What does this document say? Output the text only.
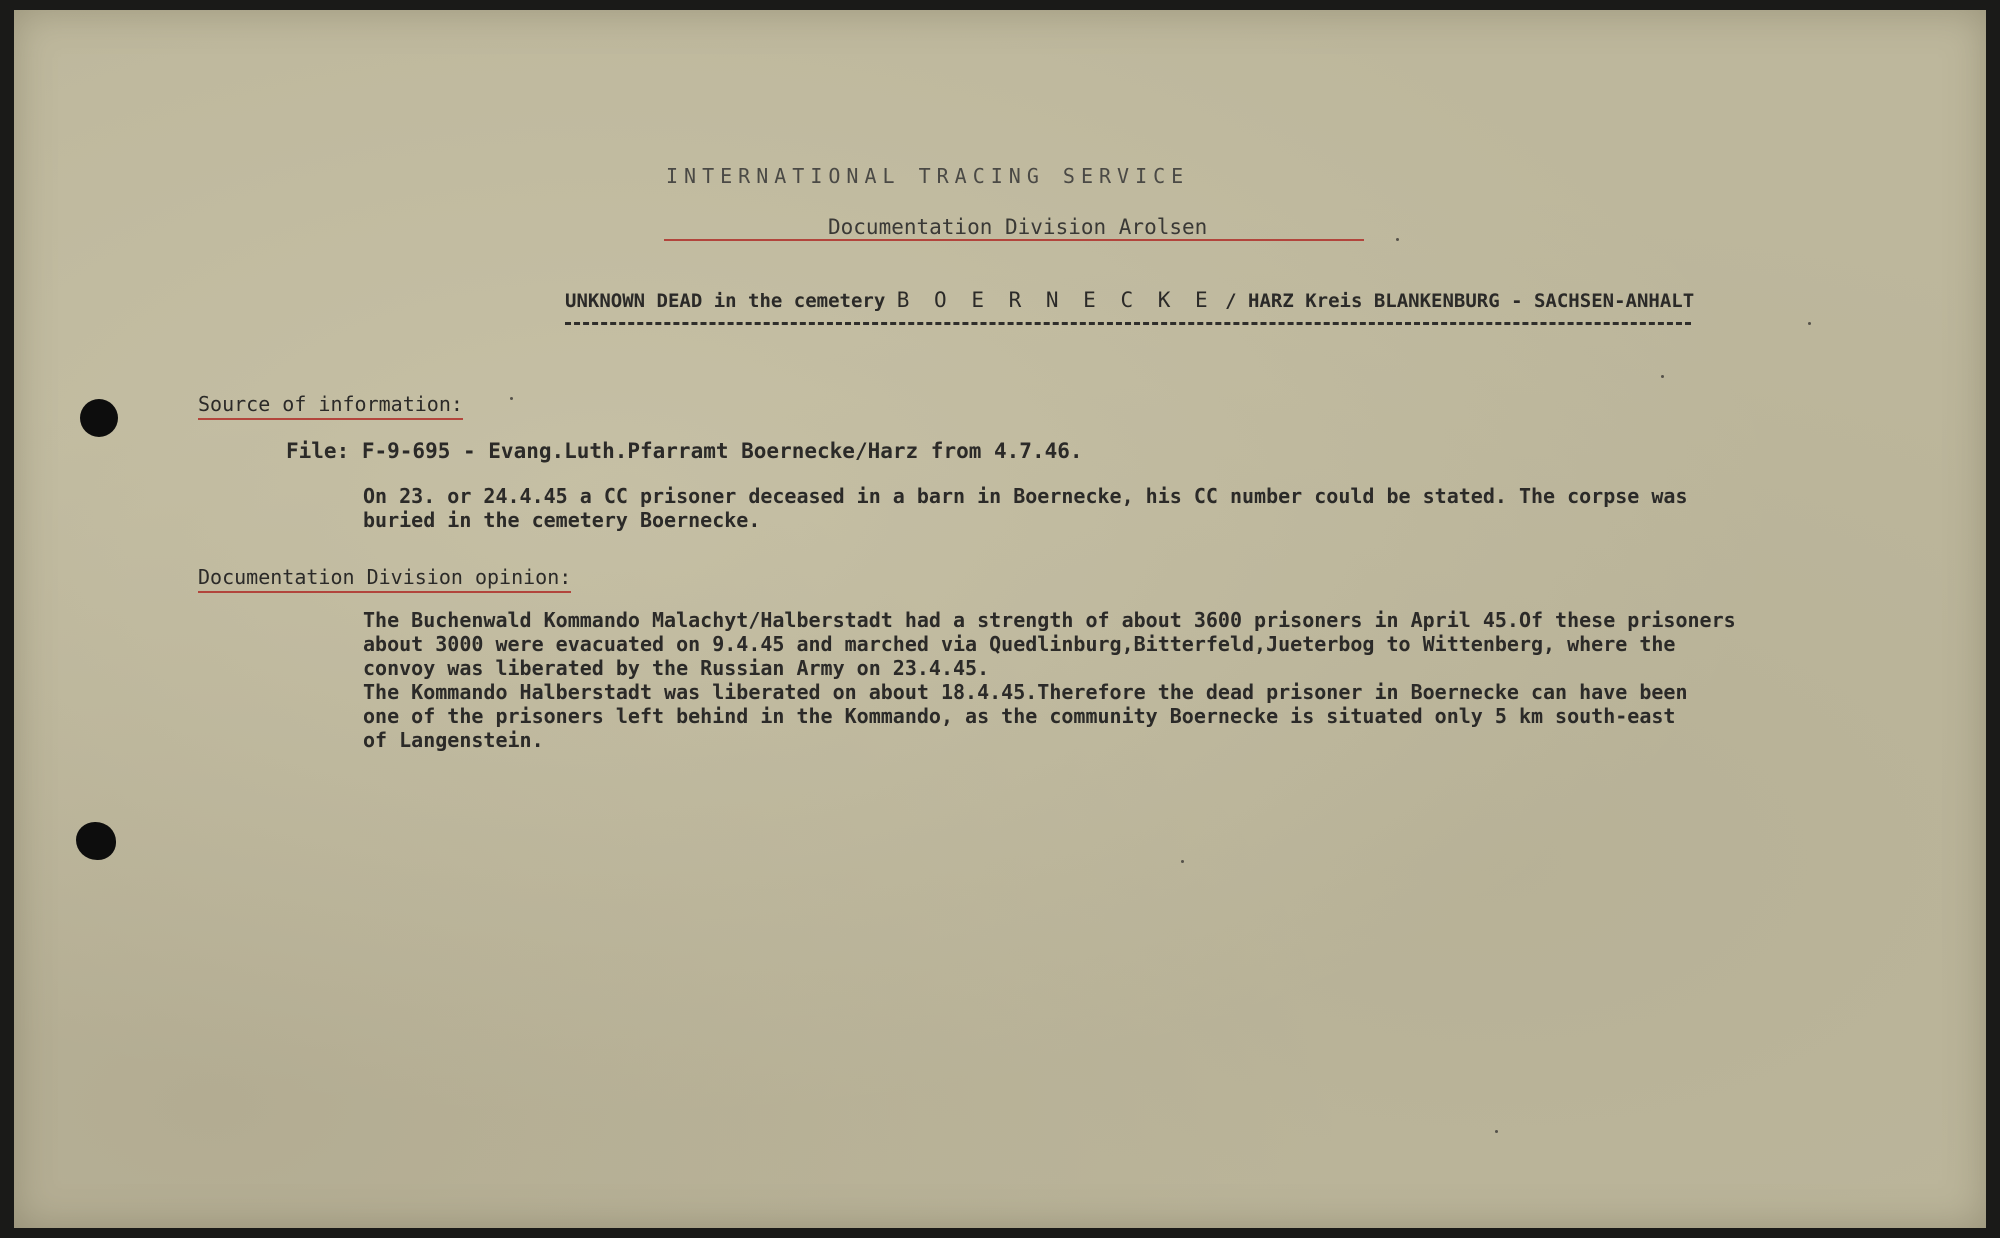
INTERNATIONAL TRACING SERVICE

Documentation Division Arolsen

UNKNOWN DEAD in the cemetery B O E R N E C K E / HARZ Kreis BLANKENBURG - SACHSEN-ANHALT

Source of information:

File: F-9-695 - Evang.Luth.Pfarramt Boernecke/Harz from 4.7.46.

On 23. or 24.4.45 a CC prisoner deceased in a barn in Boernecke, his CC number could be stated. The corpse was
buried in the cemetery Boernecke.

Documentation Division opinion:

The Buchenwald Kommando Malachyt/Halberstadt had a strength of about 3600 prisoners in April 45.Of these prisoners
about 3000 were evacuated on 9.4.45 and marched via Quedlinburg,Bitterfeld,Jueterbog to Wittenberg, where the
convoy was liberated by the Russian Army on 23.4.45.
The Kommando Halberstadt was liberated on about 18.4.45.Therefore the dead prisoner in Boernecke can have been
one of the prisoners left behind in the Kommando, as the community Boernecke is situated only 5 km south-east
of Langenstein.
